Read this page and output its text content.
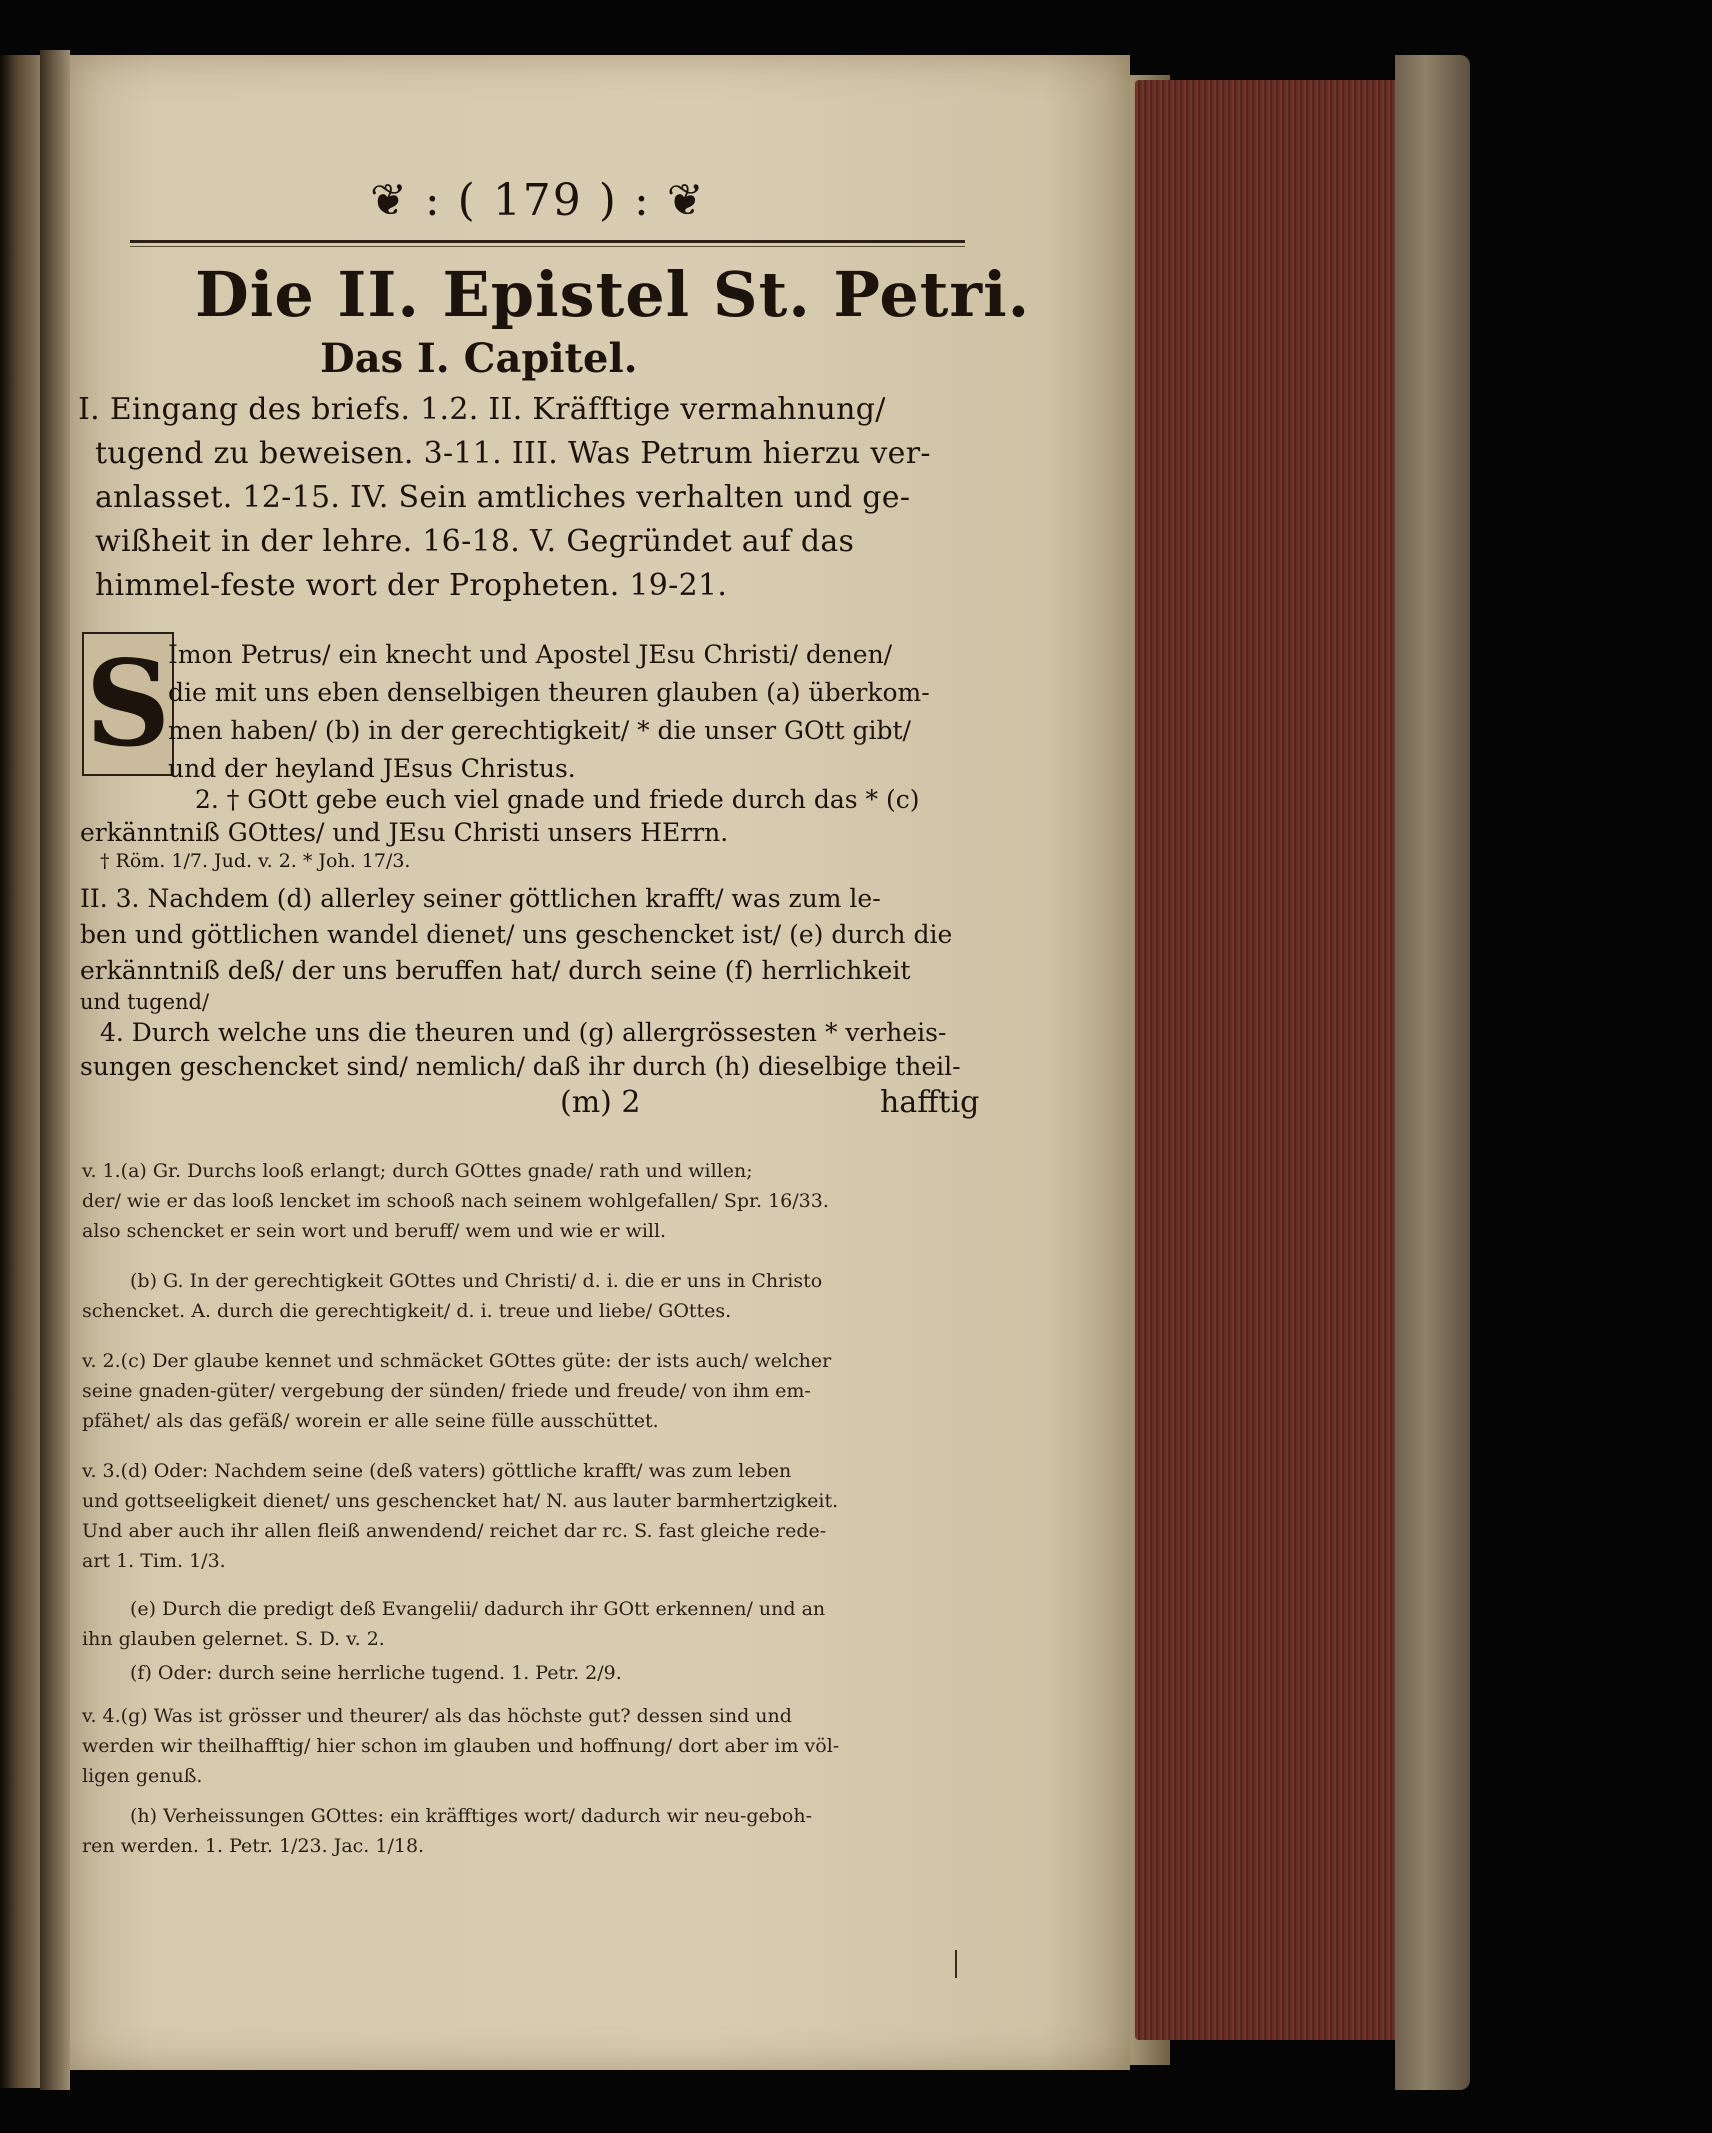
❦ : ( 179 ) : ❦
Die II. Epistel St. Petri.
Das I. Capitel.
I. Eingang des briefs. 1.2. II. Kräfftige vermahnung/
tugend zu beweisen. 3-11. III. Was Petrum hierzu ver-
anlasset. 12-15. IV. Sein amtliches verhalten und ge-
wißheit in der lehre. 16-18. V. Gegründet auf das
himmel-feste wort der Propheten. 19-21.
S
Imon Petrus/ ein knecht und Apostel JEsu Christi/ denen/
die mit uns eben denselbigen theuren glauben (a) überkom-
men haben/ (b) in der gerechtigkeit/ * die unser GOtt gibt/
und der heyland JEsus Christus.
2. † GOtt gebe euch viel gnade und friede durch das * (c)
erkänntniß GOttes/ und JEsu Christi unsers HErrn.
† Röm. 1/7. Jud. v. 2. * Joh. 17/3.
II. 3. Nachdem (d) allerley seiner göttlichen krafft/ was zum le-
ben und göttlichen wandel dienet/ uns geschencket ist/ (e) durch die
erkänntniß deß/ der uns beruffen hat/ durch seine (f) herrlichkeit
und tugend/
4. Durch welche uns die theuren und (g) allergrössesten * verheis-
sungen geschencket sind/ nemlich/ daß ihr durch (h) dieselbige theil-
(m) 2	hafftig
v. 1.(a) Gr. Durchs looß erlangt; durch GOttes gnade/ rath und willen;
der/ wie er das looß lencket im schooß nach seinem wohlgefallen/ Spr. 16/33.
also schencket er sein wort und beruff/ wem und wie er will.
(b) G. In der gerechtigkeit GOttes und Christi/ d. i. die er uns in Christo
schencket. A. durch die gerechtigkeit/ d. i. treue und liebe/ GOttes.
v. 2.(c) Der glaube kennet und schmäcket GOttes güte: der ists auch/ welcher
seine gnaden-güter/ vergebung der sünden/ friede und freude/ von ihm em-
pfähet/ als das gefäß/ worein er alle seine fülle ausschüttet.
v. 3.(d) Oder: Nachdem seine (deß vaters) göttliche krafft/ was zum leben
und gottseeligkeit dienet/ uns geschencket hat/ N. aus lauter barmhertzigkeit.
Und aber auch ihr allen fleiß anwendend/ reichet dar rc. S. fast gleiche rede-
art 1. Tim. 1/3.
(e) Durch die predigt deß Evangelii/ dadurch ihr GOtt erkennen/ und an
ihn glauben gelernet. S. D. v. 2.
(f) Oder: durch seine herrliche tugend. 1. Petr. 2/9.
v. 4.(g) Was ist grösser und theurer/ als das höchste gut? dessen sind und
werden wir theilhafftig/ hier schon im glauben und hoffnung/ dort aber im völ-
ligen genuß.
(h) Verheissungen GOttes: ein kräfftiges wort/ dadurch wir neu-geboh-
ren werden. 1. Petr. 1/23. Jac. 1/18.
